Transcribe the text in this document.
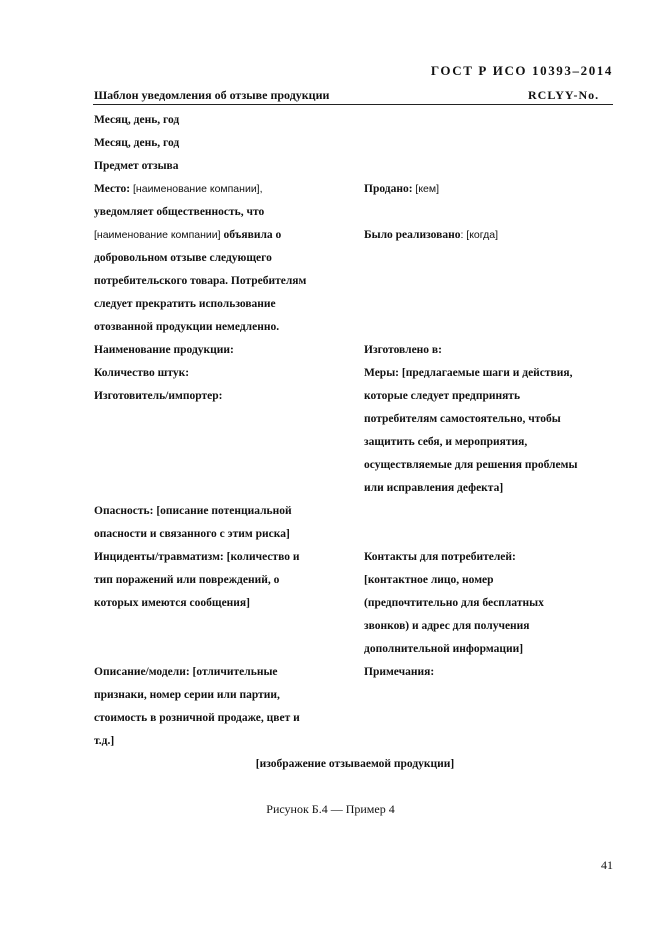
ГОСТ Р ИСО 10393–2014
Шаблон уведомления об отзыве продукции	RCLYY-No.
Месяц, день, год
Месяц, день, год
Предмет отзыва
Место: [наименование компании],
уведомляет общественность, что
[наименование компании] объявила о
добровольном отзыве следующего
потребительского товара. Потребителям
следует прекратить использование
отозванной продукции немедленно.
Наименование продукции:
Количество штук:
Изготовитель/импортер:
Опасность: [описание потенциальной
опасности и связанного с этим риска]
Инциденты/травматизм: [количество и
тип поражений или повреждений, о
которых имеются сообщения]
Описание/модели: [отличительные
признаки, номер серии или партии,
стоимость в розничной продаже, цвет и
т.д.]
Продано: [кем]
Было реализовано: [когда]
Изготовлено в:
Меры: [предлагаемые шаги и действия,
которые следует предпринять
потребителям самостоятельно, чтобы
защитить себя, и мероприятия,
осуществляемые для решения проблемы
или исправления дефекта]
Контакты для потребителей:
[контактное лицо, номер
(предпочтительно для бесплатных
звонков) и адрес для получения
дополнительной информации]
Примечания:
[изображение отзываемой продукции]
Рисунок Б.4 — Пример 4
41
